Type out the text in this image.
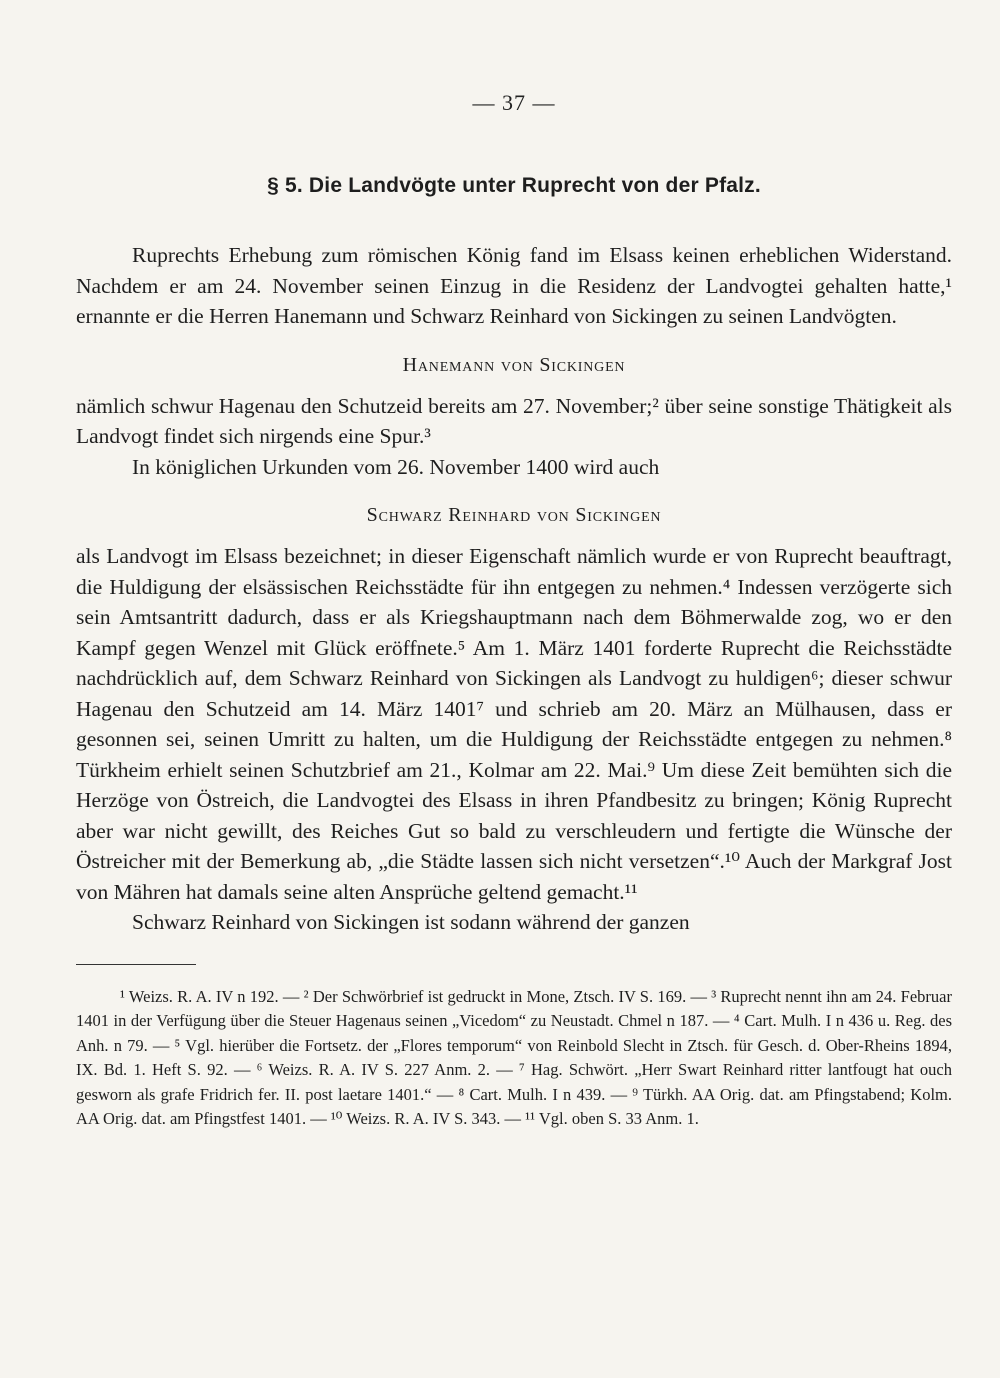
— 37 —
§ 5. Die Landvögte unter Ruprecht von der Pfalz.

Ruprechts Erhebung zum römischen König fand im Elsass keinen erheblichen Widerstand. Nachdem er am 24. November seinen Einzug in die Residenz der Landvogtei gehalten hatte,¹ ernannte er die Herren Hanemann und Schwarz Reinhard von Sickingen zu seinen Landvögten.

Hanemann von Sickingen

nämlich schwur Hagenau den Schutzeid bereits am 27. November;² über seine sonstige Thätigkeit als Landvogt findet sich nirgends eine Spur.³

In königlichen Urkunden vom 26. November 1400 wird auch

Schwarz Reinhard von Sickingen

als Landvogt im Elsass bezeichnet; in dieser Eigenschaft nämlich wurde er von Ruprecht beauftragt, die Huldigung der elsässischen Reichsstädte für ihn entgegen zu nehmen.⁴ Indessen verzögerte sich sein Amtsantritt dadurch, dass er als Kriegshauptmann nach dem Böhmerwalde zog, wo er den Kampf gegen Wenzel mit Glück eröffnete.⁵ Am 1. März 1401 forderte Ruprecht die Reichsstädte nachdrücklich auf, dem Schwarz Reinhard von Sickingen als Landvogt zu huldigen⁶; dieser schwur Hagenau den Schutzeid am 14. März 1401⁷ und schrieb am 20. März an Mülhausen, dass er gesonnen sei, seinen Umritt zu halten, um die Huldigung der Reichsstädte entgegen zu nehmen.⁸ Türkheim erhielt seinen Schutzbrief am 21., Kolmar am 22. Mai.⁹ Um diese Zeit bemühten sich die Herzöge von Östreich, die Landvogtei des Elsass in ihren Pfandbesitz zu bringen; König Ruprecht aber war nicht gewillt, des Reiches Gut so bald zu verschleudern und fertigte die Wünsche der Östreicher mit der Bemerkung ab, „die Städte lassen sich nicht versetzen“.¹⁰ Auch der Markgraf Jost von Mähren hat damals seine alten Ansprüche geltend gemacht.¹¹

Schwarz Reinhard von Sickingen ist sodann während der ganzen

¹ Weizs. R. A. IV n 192. — ² Der Schwörbrief ist gedruckt in Mone, Ztsch. IV S. 169. — ³ Ruprecht nennt ihn am 24. Februar 1401 in der Verfügung über die Steuer Hagenaus seinen „Vicedom“ zu Neustadt. Chmel n 187. — ⁴ Cart. Mulh. I n 436 u. Reg. des Anh. n 79. — ⁵ Vgl. hierüber die Fortsetz. der „Flores temporum“ von Reinbold Slecht in Ztsch. für Gesch. d. Ober-Rheins 1894, IX. Bd. 1. Heft S. 92. — ⁶ Weizs. R. A. IV S. 227 Anm. 2. — ⁷ Hag. Schwört. „Herr Swart Reinhard ritter lantfougt hat ouch gesworn als grafe Fridrich fer. II. post laetare 1401.“ — ⁸ Cart. Mulh. I n 439. — ⁹ Türkh. AA Orig. dat. am Pfingstabend; Kolm. AA Orig. dat. am Pfingstfest 1401. — ¹⁰ Weizs. R. A. IV S. 343. — ¹¹ Vgl. oben S. 33 Anm. 1.
